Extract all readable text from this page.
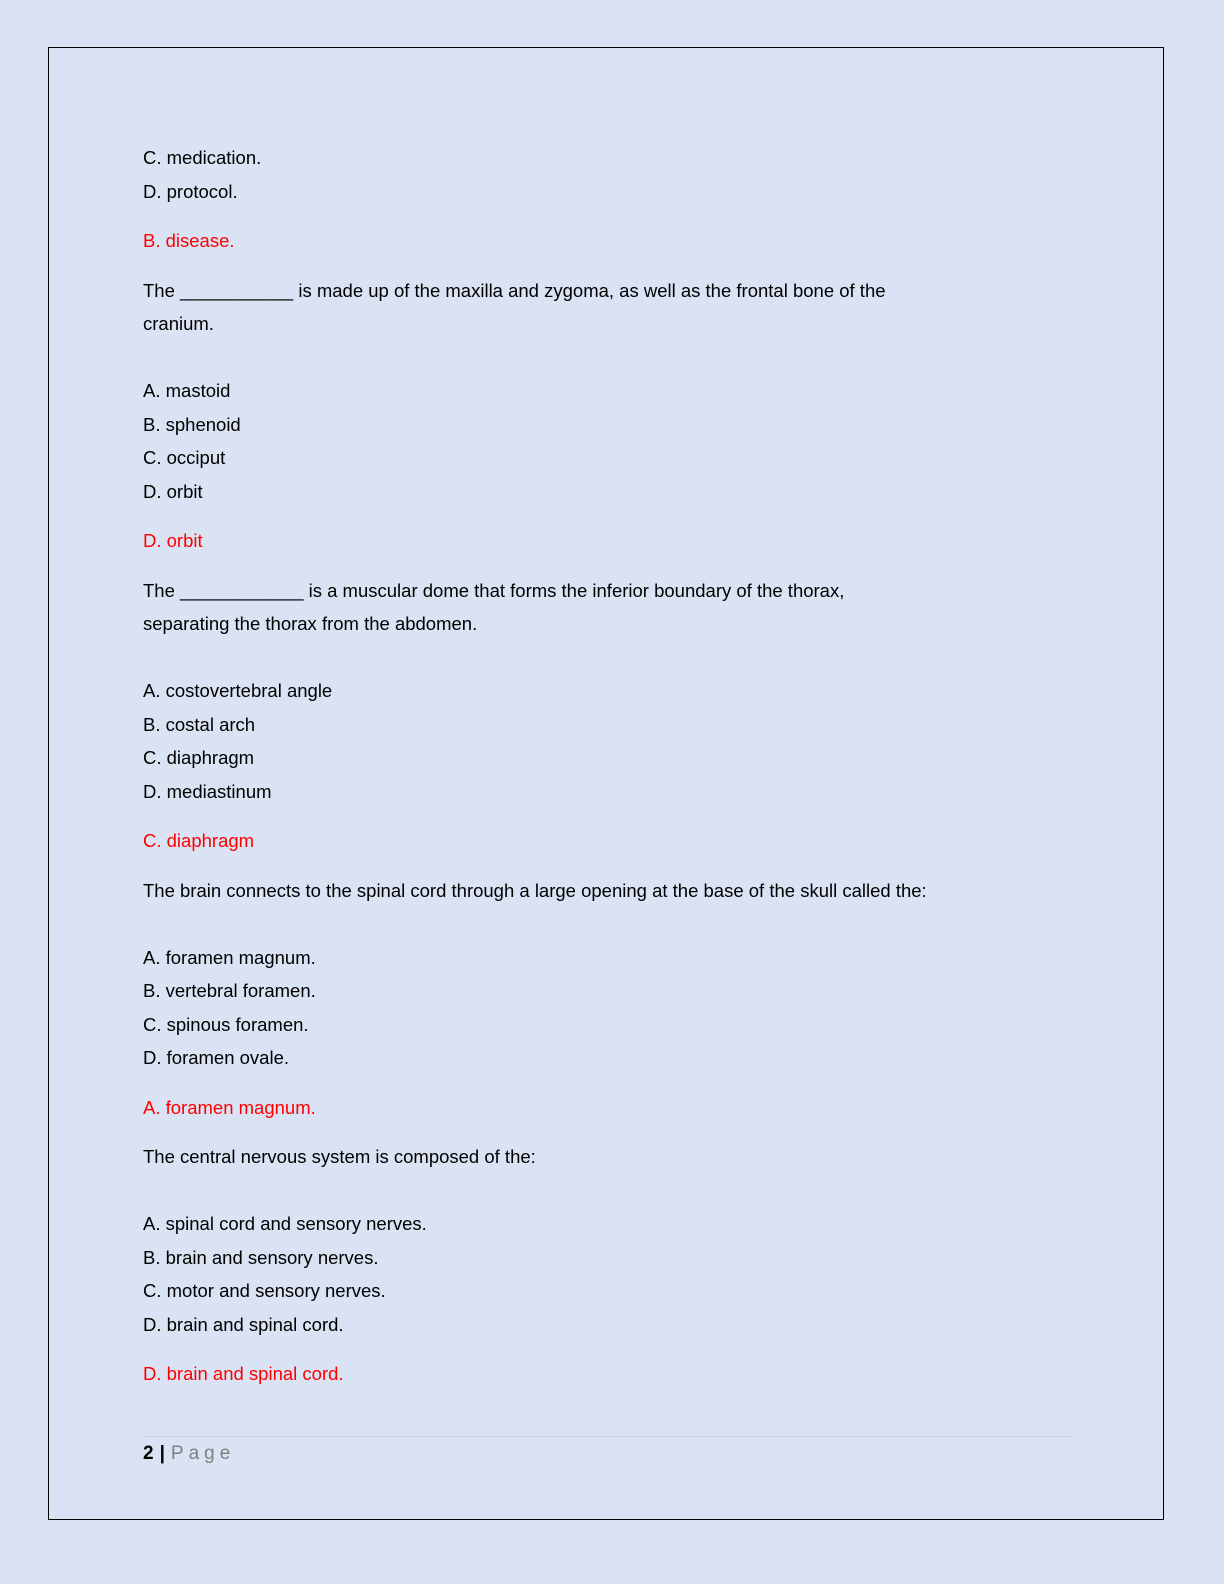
C. medication.
D. protocol.
B. disease.
The ___________ is made up of the maxilla and zygoma, as well as the frontal bone of the
cranium.
A. mastoid
B. sphenoid
C. occiput
D. orbit
D. orbit
The ____________ is a muscular dome that forms the inferior boundary of the thorax,
separating the thorax from the abdomen.
A. costovertebral angle
B. costal arch
C. diaphragm
D. mediastinum
C. diaphragm
The brain connects to the spinal cord through a large opening at the base of the skull called the:
A. foramen magnum.
B. vertebral foramen.
C. spinous foramen.
D. foramen ovale.
A. foramen magnum.
The central nervous system is composed of the:
A. spinal cord and sensory nerves.
B. brain and sensory nerves.
C. motor and sensory nerves.
D. brain and spinal cord.
D. brain and spinal cord.
2 | Page
